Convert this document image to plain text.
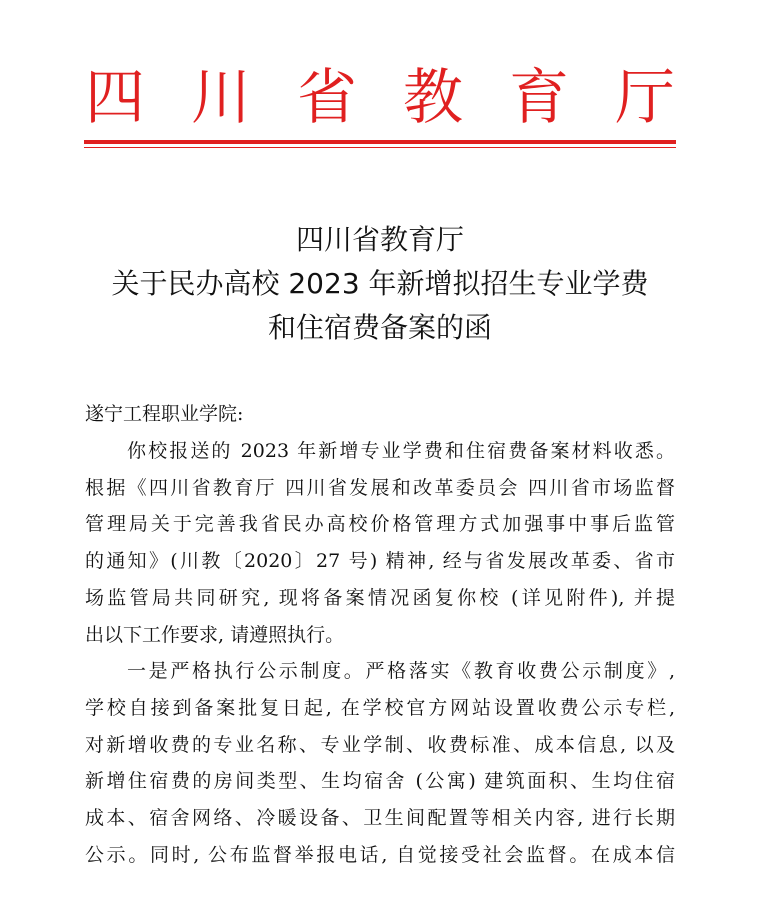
四 川 省 教 育 厅
四川省教育厅
关于民办高校 2023 年新增拟招生专业学费
和住宿费备案的函
遂宁工程职业学院:
你校报送的 2023 年新增专业学费和住宿费备案材料收悉。
根据《四川省教育厅 四川省发展和改革委员会 四川省市场监督
管理局关于完善我省民办高校价格管理方式加强事中事后监管
的通知》(川教〔2020〕27 号) 精神, 经与省发展改革委、省市
场监管局共同研究, 现将备案情况函复你校 (详见附件), 并提
出以下工作要求, 请遵照执行。
一是严格执行公示制度。严格落实《教育收费公示制度》,
学校自接到备案批复日起, 在学校官方网站设置收费公示专栏,
对新增收费的专业名称、专业学制、收费标准、成本信息, 以及
新增住宿费的房间类型、生均宿舍 (公寓) 建筑面积、生均住宿
成本、宿舍网络、冷暖设备、卫生间配置等相关内容, 进行长期
公示。同时, 公布监督举报电话, 自觉接受社会监督。在成本信
